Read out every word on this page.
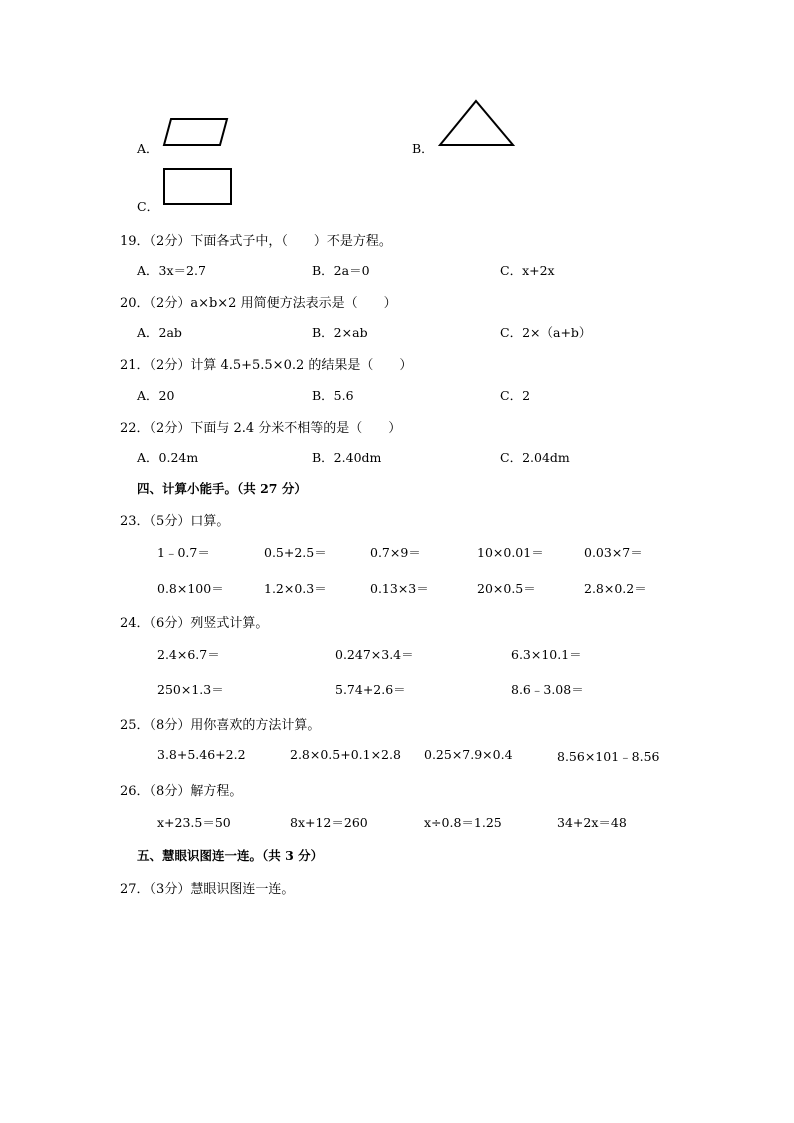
A．	B．
C．
19．（2分）下面各式子中，（　　）不是方程。
A．3x＝2.7	B．2a＝0	C．x+2x
20．（2分）a×b×2 用简便方法表示是（　　）
A．2ab	B．2×ab	C．2×（a+b）
21．（2分）计算 4.5+5.5×0.2 的结果是（　　）
A．20	B．5.6	C．2
22．（2分）下面与 2.4 分米不相等的是（　　）
A．0.24m	B．2.40dm	C．2.04dm
四、计算小能手。（共 27 分）
23．（5分）口算。
1﹣0.7＝	0.5+2.5＝	0.7×9＝	10×0.01＝	0.03×7＝
0.8×100＝	1.2×0.3＝	0.13×3＝	20×0.5＝	2.8×0.2＝
24．（6分）列竖式计算。
2.4×6.7＝	0.247×3.4＝	6.3×10.1＝
250×1.3＝	5.74+2.6＝	8.6﹣3.08＝
25．（8分）用你喜欢的方法计算。
3.8+5.46+2.2	2.8×0.5+0.1×2.8 0.25×7.9×0.4	8.56×101﹣8.56
26．（8分）解方程。
x+23.5＝50	8x+12＝260	x÷0.8＝1.25	34+2x＝48
五、慧眼识图连一连。（共 3 分）
27．（3分）慧眼识图连一连。
